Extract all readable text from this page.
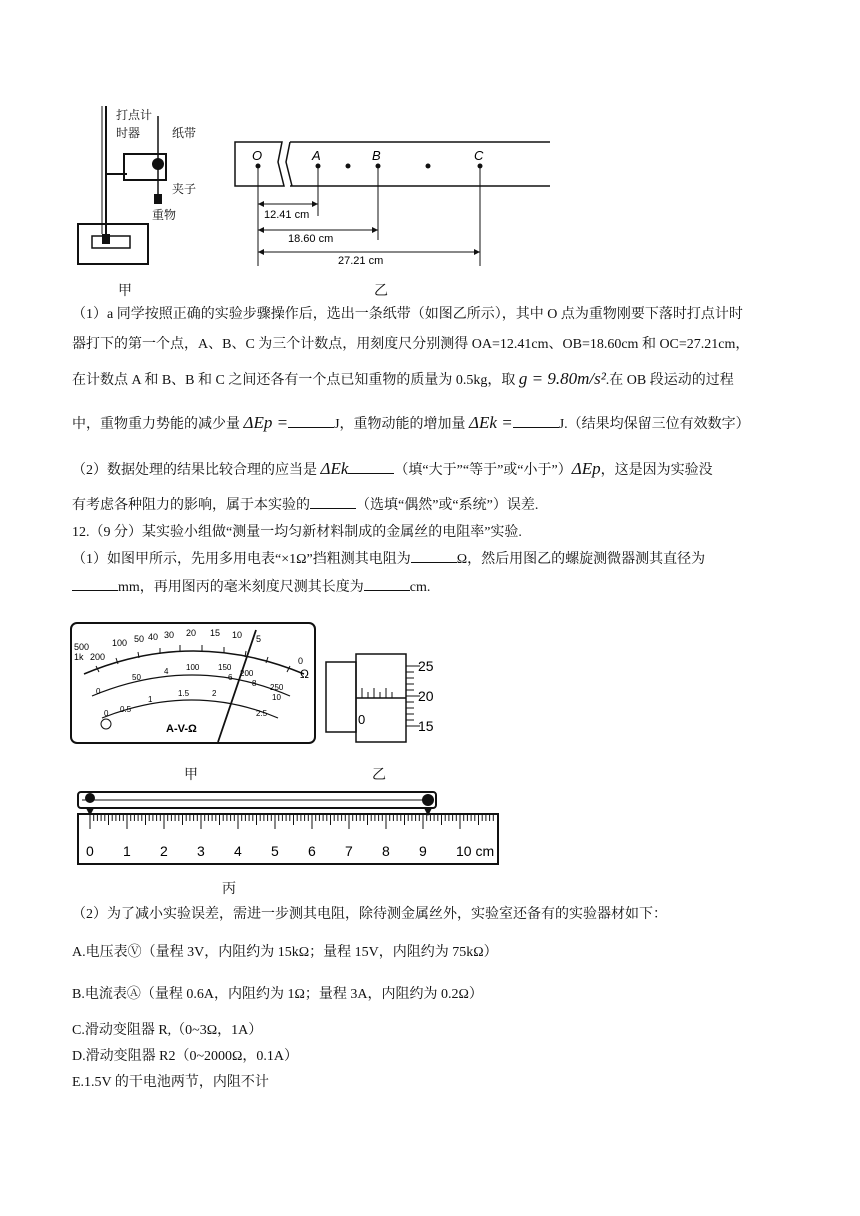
打点计
时器	纸带
夹子
重物
甲
O	A	B	C
12.41 cm
18.60 cm
27.21 cm
乙
（1）a 同学按照正确的实验步骤操作后，选出一条纸带（如图乙所示），其中 O 点为重物刚要下落时打点计时
器打下的第一个点，A、B、C 为三个计数点，用刻度尺分别测得 OA=12.41cm、OB=18.60cm 和 OC=27.21cm，
在计数点 A 和 B、B 和 C 之间还各有一个点已知重物的质量为 0.5kg，取 g = 9.80m/s².在 OB 段运动的过程
中，重物重力势能的减少量 ΔEp =	J，重物动能的增加量 ΔEk =	J.（结果均保留三位有效数字）
（2）数据处理的结果比较合理的应当是 ΔEk	（填“大于”“等于”或“小于”）ΔEp，这是因为实验没
有考虑各种阻力的影响，属于本实验的	（选填“偶然”或“系统”）误差.
12.（9 分）某实验小组做“测量一均匀新材料制成的金属丝的电阻率”实验.
（1）如图甲所示，先用多用电表“×1Ω”挡粗测其电阻为	Ω，然后用图乙的螺旋测微器测其直径为
mm，再用图丙的毫米刻度尺测其长度为	cm.
500
1k 200
100 50 40 30 20 15 10 5
0
Ω
0
50
4 100 150
6 200
8 250
10
0 0.5
1
1.5	2
2.5
A-V-Ω
25
20
15
0
甲	乙
0 1 2 3 4 5 6 7 8 9 10 cm
丙
（2）为了减小实验误差，需进一步测其电阻，除待测金属丝外，实验室还备有的实验器材如下：
A.电压表Ⓥ（量程 3V，内阻约为 15kΩ；量程 15V，内阻约为 75kΩ）
B.电流表Ⓐ（量程 0.6A，内阻约为 1Ω；量程 3A，内阻约为 0.2Ω）
C.滑动变阻器 R,（0~3Ω，1A）
D.滑动变阻器 R2（0~2000Ω，0.1A）
E.1.5V 的干电池两节，内阻不计
